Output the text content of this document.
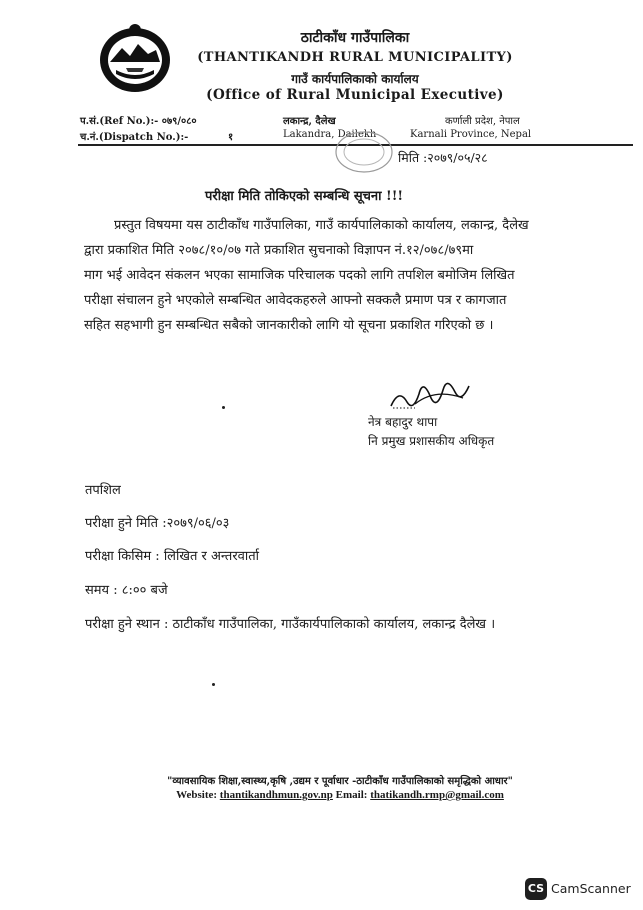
ठाटीकाँध गाउँपालिका
(THANTIKANDH RURAL MUNICIPALITY)
गाउँ कार्यपालिकाको कार्यालय
(Office of Rural Municipal Executive)
प.सं.(Ref No.):- ०७९/०८०
च.नं.(Dispatch No.):-	१
लकान्द्र, दैलेख
Lakandra, Dailekh
कर्णाली प्रदेश, नेपाल
Karnali Province, Nepal
मिति :२०७९/०५/२८
परीक्षा मिति तोकिएको सम्बन्धि सूचना !!!
प्रस्तुत विषयमा यस ठाटीकाँध गाउँपालिका, गाउँ कार्यपालिकाको कार्यालय, लकान्द्र, दैलेख
द्वारा प्रकाशित मिति २०७८/१०/०७ गते प्रकाशित सुचनाको विज्ञापन नं.१२/०७८/७९मा
माग भई आवेदन संकलन भएका सामाजिक परिचालक पदको लागि तपशिल बमोजिम लिखित
परीक्षा संचालन हुने भएकोले सम्बन्धित आवेदकहरुले आफ्नो सक्कलै प्रमाण पत्र र कागजात
सहित सहभागी हुन सम्बन्धित सबैको जानकारीको लागि यो सूचना प्रकाशित गरिएको छ ।
नेत्र बहादुर थापा
नि प्रमुख प्रशासकीय अधिकृत
तपशिल
परीक्षा हुने मिति :२०७९/०६/०३
परीक्षा किसिम : लिखित र अन्तरवार्ता
समय : ८:०० बजे
परीक्षा हुने स्थान : ठाटीकाँध गाउँपालिका, गाउँकार्यपालिकाको कार्यालय, लकान्द्र दैलेख ।
"व्यावसायिक शिक्षा,स्वास्थ्य,कृषि ,उद्यम र पूर्वाधार -ठाटीकाँध गाउँपालिकाको समृद्धिको आधार"
Website: thantikandhmun.gov.np Email: thatikandh.rmp@gmail.com
CS CamScanner
